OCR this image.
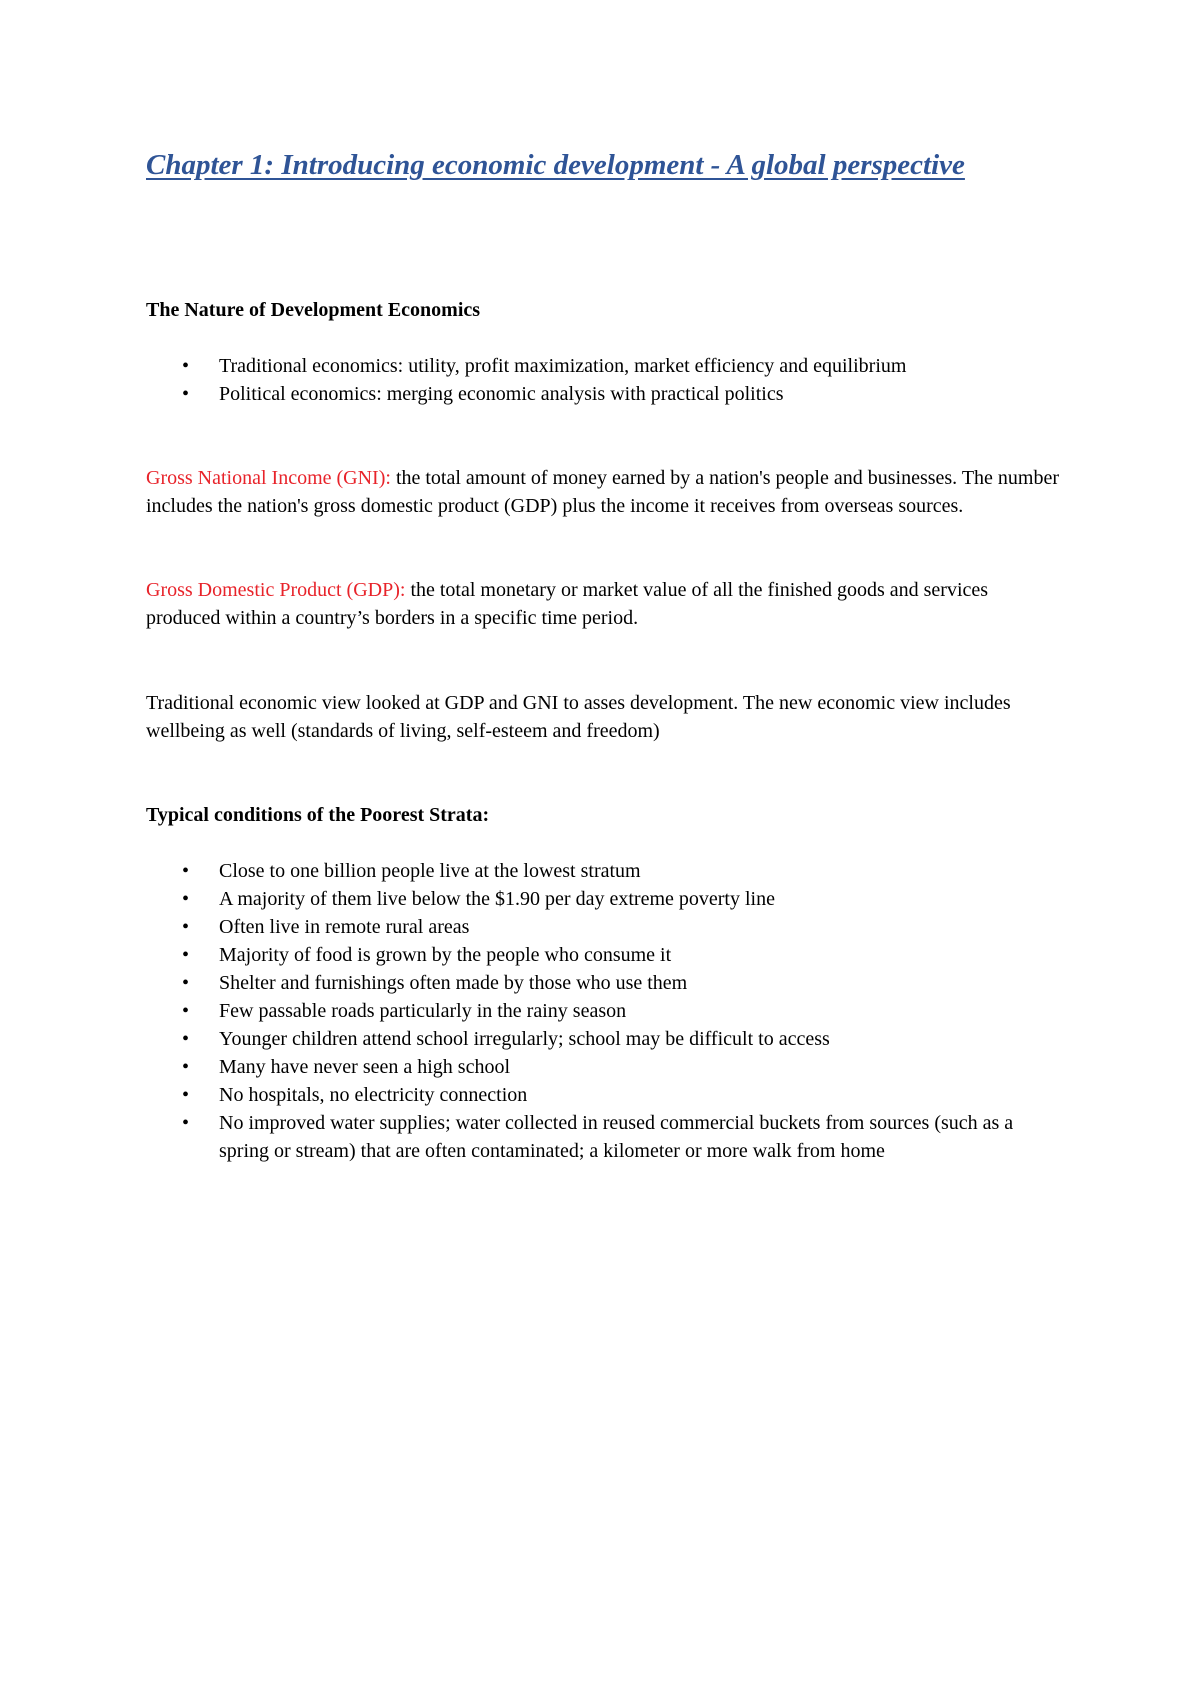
Chapter 1: Introducing economic development - A global perspective
The Nature of Development Economics
• Traditional economics: utility, profit maximization, market efficiency and equilibrium
• Political economics: merging economic analysis with practical politics

Gross National Income (GNI): the total amount of money earned by a nation's people and businesses. The number includes the nation's gross domestic product (GDP) plus the income it receives from overseas sources.

Gross Domestic Product (GDP): the total monetary or market value of all the finished goods and services produced within a country’s borders in a specific time period.

Traditional economic view looked at GDP and GNI to asses development. The new economic view includes wellbeing as well (standards of living, self-esteem and freedom)

Typical conditions of the Poorest Strata:
• Close to one billion people live at the lowest stratum
• A majority of them live below the $1.90 per day extreme poverty line
• Often live in remote rural areas
• Majority of food is grown by the people who consume it
• Shelter and furnishings often made by those who use them
• Few passable roads particularly in the rainy season
• Younger children attend school irregularly; school may be difficult to access
• Many have never seen a high school
• No hospitals, no electricity connection
• No improved water supplies; water collected in reused commercial buckets from sources (such as a spring or stream) that are often contaminated; a kilometer or more walk from home
